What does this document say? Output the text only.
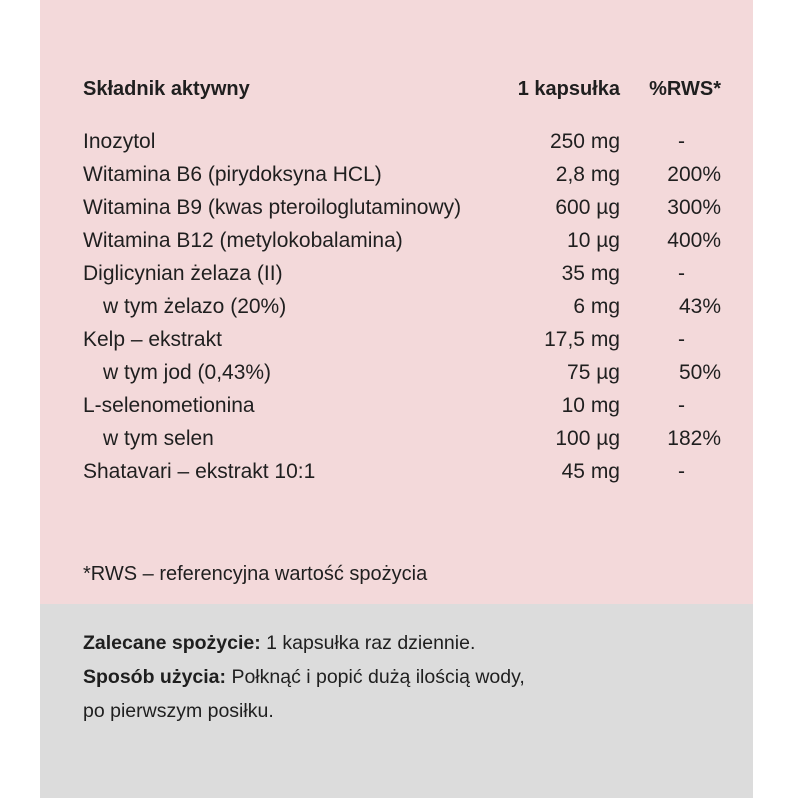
Składnik aktywny	1 kapsułka %RWS*
Inozytol	250 mg	-
Witamina B6 (pirydoksyna HCL)	2,8 mg 200%
Witamina B9 (kwas pteroiloglutaminowy)	600 µg 300%
Witamina B12 (metylokobalamina)	10 µg 400%
Diglicynian żelaza (II)	35 mg	-
w tym żelazo (20%)	6 mg	43%
Kelp – ekstrakt	17,5 mg	-
w tym jod (0,43%)	75 µg	50%
L-selenometionina	10 mg	-
w tym selen	100 µg 182%
Shatavari – ekstrakt 10:1	45 mg	-
*RWS – referencyjna wartość spożycia
Zalecane spożycie: 1 kapsułka raz dziennie.
Sposób użycia: Połknąć i popić dużą ilością wody,
po pierwszym posiłku.
